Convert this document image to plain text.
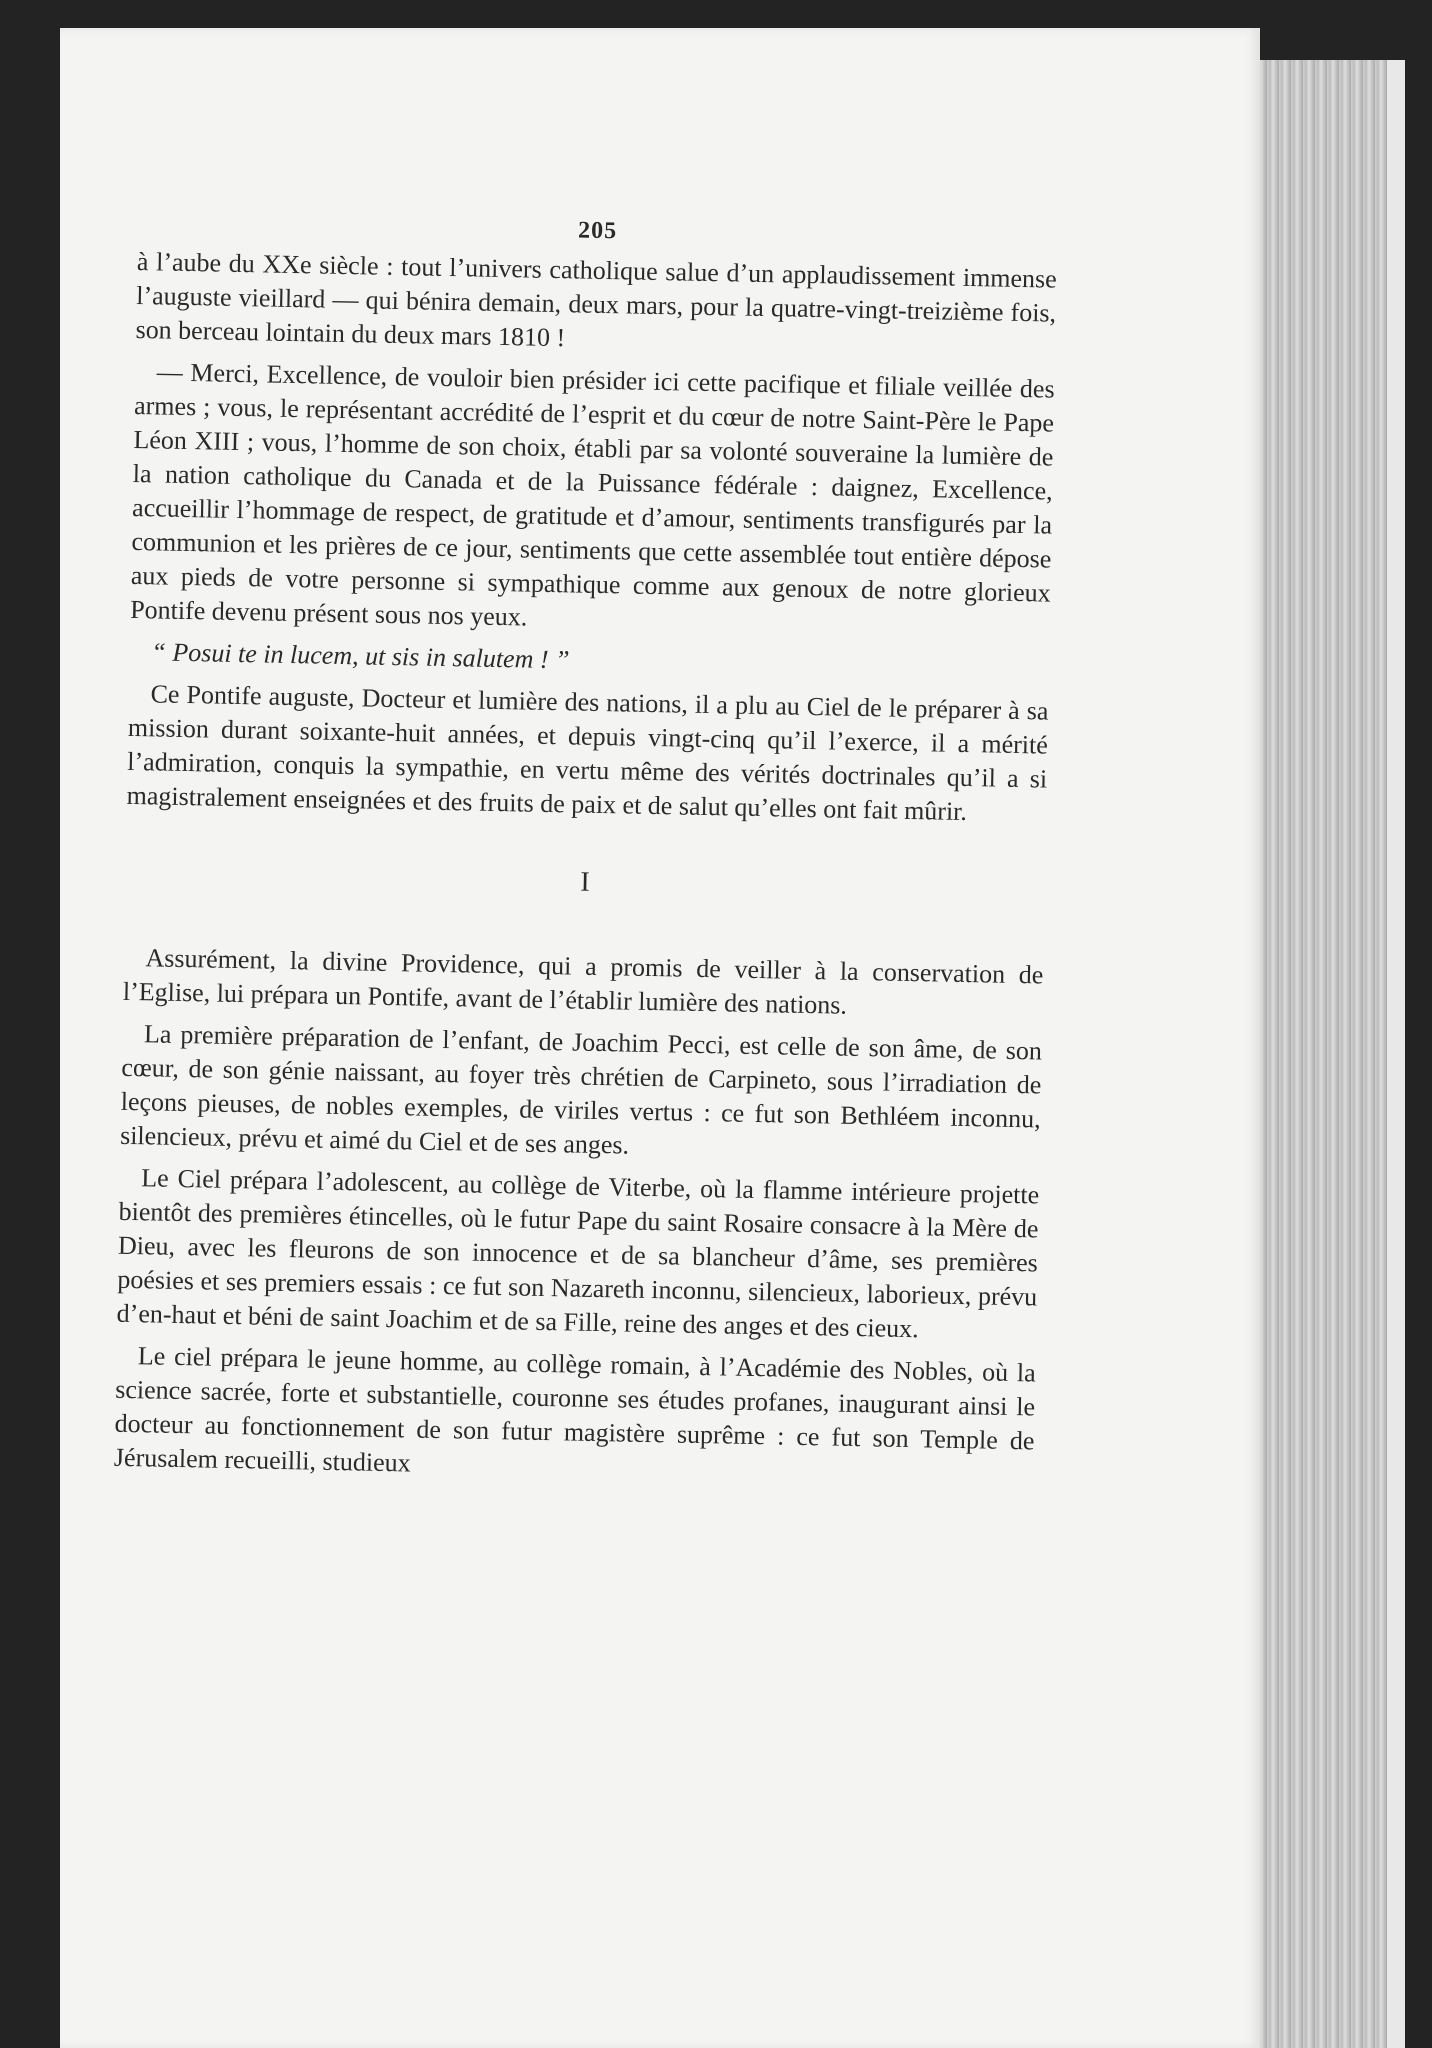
205

à l’aube du XXe siècle : tout l’univers catholique salue d’un applaudissement immense l’auguste vieillard — qui bénira demain, deux mars, pour la quatre-vingt-treizième fois, son berceau lointain du deux mars 1810 !

— Merci, Excellence, de vouloir bien présider ici cette pacifique et filiale veillée des armes ; vous, le représentant accrédité de l’esprit et du cœur de notre Saint-Père le Pape Léon XIII ; vous, l’homme de son choix, établi par sa volonté souveraine la lumière de la nation catholique du Canada et de la Puissance fédérale : daignez, Excellence, accueillir l’hommage de respect, de gratitude et d’amour, sentiments transfigurés par la communion et les prières de ce jour, sentiments que cette assemblée tout entière dépose aux pieds de votre personne si sympathique comme aux genoux de notre glorieux Pontife devenu présent sous nos yeux.

“ Posui te in lucem, ut sis in salutem ! ”

Ce Pontife auguste, Docteur et lumière des nations, il a plu au Ciel de le préparer à sa mission durant soixante-huit années, et depuis vingt-cinq qu’il l’exerce, il a mérité l’admiration, conquis la sympathie, en vertu même des vérités doctrinales qu’il a si magistralement enseignées et des fruits de paix et de salut qu’elles ont fait mûrir.

I

Assurément, la divine Providence, qui a promis de veiller à la conservation de l’Eglise, lui prépara un Pontife, avant de l’établir lumière des nations.

La première préparation de l’enfant, de Joachim Pecci, est celle de son âme, de son cœur, de son génie naissant, au foyer très chrétien de Carpineto, sous l’irradiation de leçons pieuses, de nobles exemples, de viriles vertus : ce fut son Bethléem inconnu, silencieux, prévu et aimé du Ciel et de ses anges.

Le Ciel prépara l’adolescent, au collège de Viterbe, où la flamme intérieure projette bientôt des premières étincelles, où le futur Pape du saint Rosaire consacre à la Mère de Dieu, avec les fleurons de son innocence et de sa blancheur d’âme, ses premières poésies et ses premiers essais : ce fut son Nazareth inconnu, silencieux, laborieux, prévu d’en-haut et béni de saint Joachim et de sa Fille, reine des anges et des cieux.

Le ciel prépara le jeune homme, au collège romain, à l’Académie des Nobles, où la science sacrée, forte et substantielle, couronne ses études profanes, inaugurant ainsi le docteur au fonctionnement de son futur magistère suprême : ce fut son Temple de Jérusalem recueilli, studieux
